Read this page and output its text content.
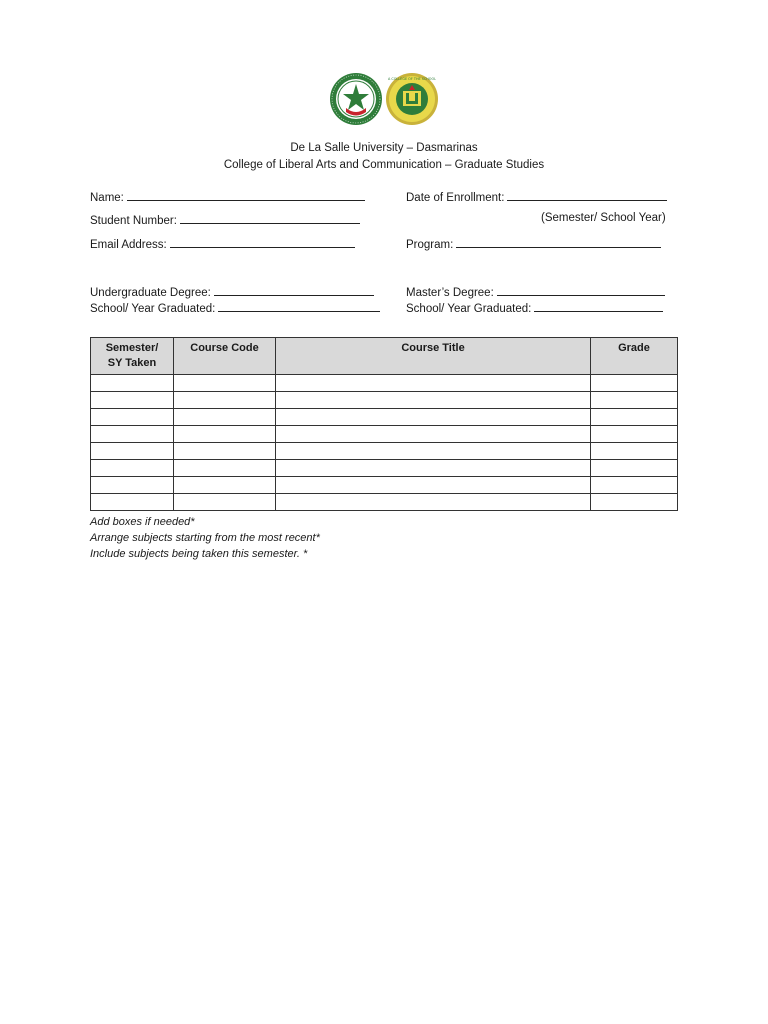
A COLLEGE OF THE SCHOOL
De La Salle University – Dasmarinas
College of Liberal Arts and Communication – Graduate Studies
Name:	Date of Enrollment:
Student Number:	(Semester/ School Year)
Email Address:	Program:
Undergraduate Degree:	Master’s Degree:
School/ Year Graduated:	School/ Year Graduated:
Semester/
SY Taken	Course Code	Course Title	Grade

Add boxes if needed*
Arrange subjects starting from the most recent*
Include subjects being taken this semester. *
